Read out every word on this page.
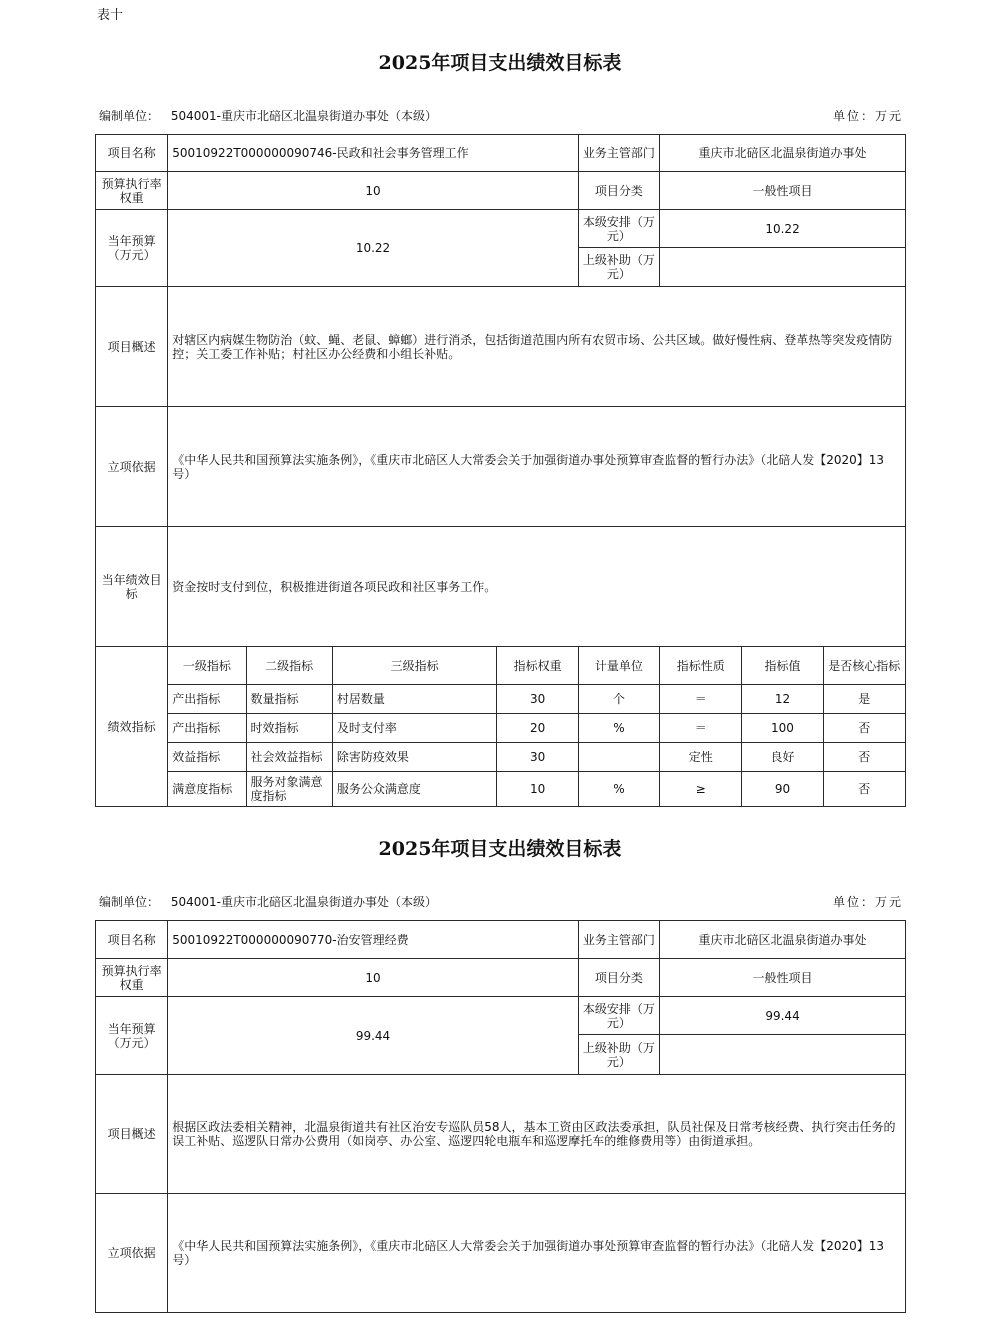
表十
2025年项目支出绩效目标表
编制单位： 504001-重庆市北碚区北温泉街道办事处（本级）	单位：万元
项目名称	50010922T000000090746-民政和社会事务管理工作				业务主管部门	重庆市北碚区北温泉街道办事处		
预算执行率权重	10				项目分类	一般性项目		
当年预算（万元）	10.22				本级安排（万元）	10.22		
					上级补助（万元）			
项目概述	对辖区内病媒生物防治（蚊、蝇、老鼠、蟑螂）进行消杀，包括街道范围内所有农贸市场、公共区域。做好慢性病、登革热等突发疫情防控；关工委工作补贴；村社区办公经费和小组长补贴。							
立项依据	《中华人民共和国预算法实施条例》，《重庆市北碚区人大常委会关于加强街道办事处预算审查监督的暂行办法》（北碚人发【2020】13号）							
当年绩效目标	资金按时支付到位，积极推进街道各项民政和社区事务工作。							
绩效指标	一级指标	二级指标	三级指标	指标权重	计量单位	指标性质	指标值	是否核心指标
	产出指标	数量指标	村居数量	30	个	＝	12	是
	产出指标	时效指标	及时支付率	20	%	＝	100	否
	效益指标	社会效益指标	除害防疫效果	30		定性	良好	否
	满意度指标	服务对象满意度指标	服务公众满意度	10	%	≥	90	否
2025年项目支出绩效目标表
编制单位： 504001-重庆市北碚区北温泉街道办事处（本级）	单位：万元
项目名称	50010922T000000090770-治安管理经费	业务主管部门	重庆市北碚区北温泉街道办事处
预算执行率权重	10	项目分类	一般性项目
当年预算（万元）	99.44	本级安排（万元）	99.44
		上级补助（万元）	
项目概述	根据区政法委相关精神，北温泉街道共有社区治安专巡队员58人，基本工资由区政法委承担，队员社保及日常考核经费、执行突击任务的误工补贴、巡逻队日常办公费用（如岗亭、办公室、巡逻四轮电瓶车和巡逻摩托车的维修费用等）由街道承担。		
立项依据	《中华人民共和国预算法实施条例》，《重庆市北碚区人大常委会关于加强街道办事处预算审查监督的暂行办法》（北碚人发【2020】13号）		
